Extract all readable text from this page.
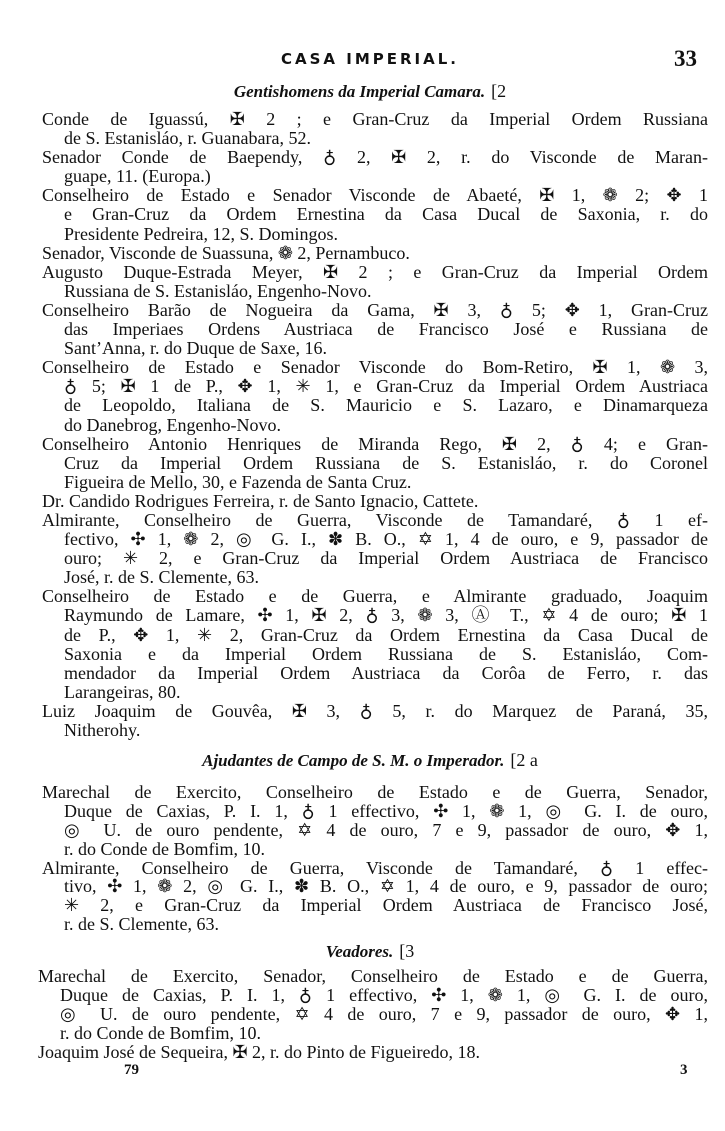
CASA IMPERIAL.	33
Gentishomens da Imperial Camara. [2
Conde de Iguassú, ✠ 2 ; e Gran-Cruz da Imperial Ordem Russiana
de S. Estanisláo, r. Guanabara, 52.
Senador Conde de Baependy, ♁ 2, ✠ 2, r. do Visconde de Maran-
guape, 11. (Europa.)
Conselheiro de Estado e Senador Visconde de Abaeté, ✠ 1, ❁ 2; ✥ 1
e Gran-Cruz da Ordem Ernestina da Casa Ducal de Saxonia, r. do
Presidente Pedreira, 12, S. Domingos.
Senador, Visconde de Suassuna, ❁ 2, Pernambuco.
Augusto Duque-Estrada Meyer, ✠ 2 ; e Gran-Cruz da Imperial Ordem
Russiana de S. Estanisláo, Engenho-Novo.
Conselheiro Barão de Nogueira da Gama, ✠ 3, ♁ 5; ✥ 1, Gran-Cruz
das Imperiaes Ordens Austriaca de Francisco José e Russiana de
Sant’Anna, r. do Duque de Saxe, 16.
Conselheiro de Estado e Senador Visconde do Bom-Retiro, ✠ 1, ❁ 3,
♁ 5; ✠ 1 de P., ✥ 1, ✳ 1, e Gran-Cruz da Imperial Ordem Austriaca
de Leopoldo, Italiana de S. Mauricio e S. Lazaro, e Dinamarqueza
do Danebrog, Engenho-Novo.
Conselheiro Antonio Henriques de Miranda Rego, ✠ 2, ♁ 4; e Gran-
Cruz da Imperial Ordem Russiana de S. Estanisláo, r. do Coronel
Figueira de Mello, 30, e Fazenda de Santa Cruz.
Dr. Candido Rodrigues Ferreira, r. de Santo Ignacio, Cattete.
Almirante, Conselheiro de Guerra, Visconde de Tamandaré, ♁ 1 ef-
fectivo, ✣ 1, ❁ 2, ◎ G. I., ✽ B. O., ✡ 1, 4 de ouro, e 9, passador de
ouro; ✳ 2, e Gran-Cruz da Imperial Ordem Austriaca de Francisco
José, r. de S. Clemente, 63.
Conselheiro de Estado e de Guerra, e Almirante graduado, Joaquim
Raymundo de Lamare, ✣ 1, ✠ 2, ♁ 3, ❁ 3, Ⓐ T., ✡ 4 de ouro; ✠ 1
de P., ✥ 1, ✳ 2, Gran-Cruz da Ordem Ernestina da Casa Ducal de
Saxonia e da Imperial Ordem Russiana de S. Estanisláo, Com-
mendador da Imperial Ordem Austriaca da Corôa de Ferro, r. das
Larangeiras, 80.
Luiz Joaquim de Gouvêa, ✠ 3, ♁ 5, r. do Marquez de Paraná, 35,
Nitherohy.
Ajudantes de Campo de S. M. o Imperador. [2 a
Marechal de Exercito, Conselheiro de Estado e de Guerra, Senador,
Duque de Caxias, P. I. 1, ♁ 1 effectivo, ✣ 1, ❁ 1, ◎ G. I. de ouro,
◎ U. de ouro pendente, ✡ 4 de ouro, 7 e 9, passador de ouro, ✥ 1,
r. do Conde de Bomfim, 10.
Almirante, Conselheiro de Guerra, Visconde de Tamandaré, ♁ 1 effec-
tivo, ✣ 1, ❁ 2, ◎ G. I., ✽ B. O., ✡ 1, 4 de ouro, e 9, passador de ouro;
✳ 2, e Gran-Cruz da Imperial Ordem Austriaca de Francisco José,
r. de S. Clemente, 63.
Veadores. [3
Marechal de Exercito, Senador, Conselheiro de Estado e de Guerra,
Duque de Caxias, P. I. 1, ♁ 1 effectivo, ✣ 1, ❁ 1, ◎ G. I. de ouro,
◎ U. de ouro pendente, ✡ 4 de ouro, 7 e 9, passador de ouro, ✥ 1,
r. do Conde de Bomfim, 10.
Joaquim José de Sequeira, ✠ 2, r. do Pinto de Figueiredo, 18.
79	3
